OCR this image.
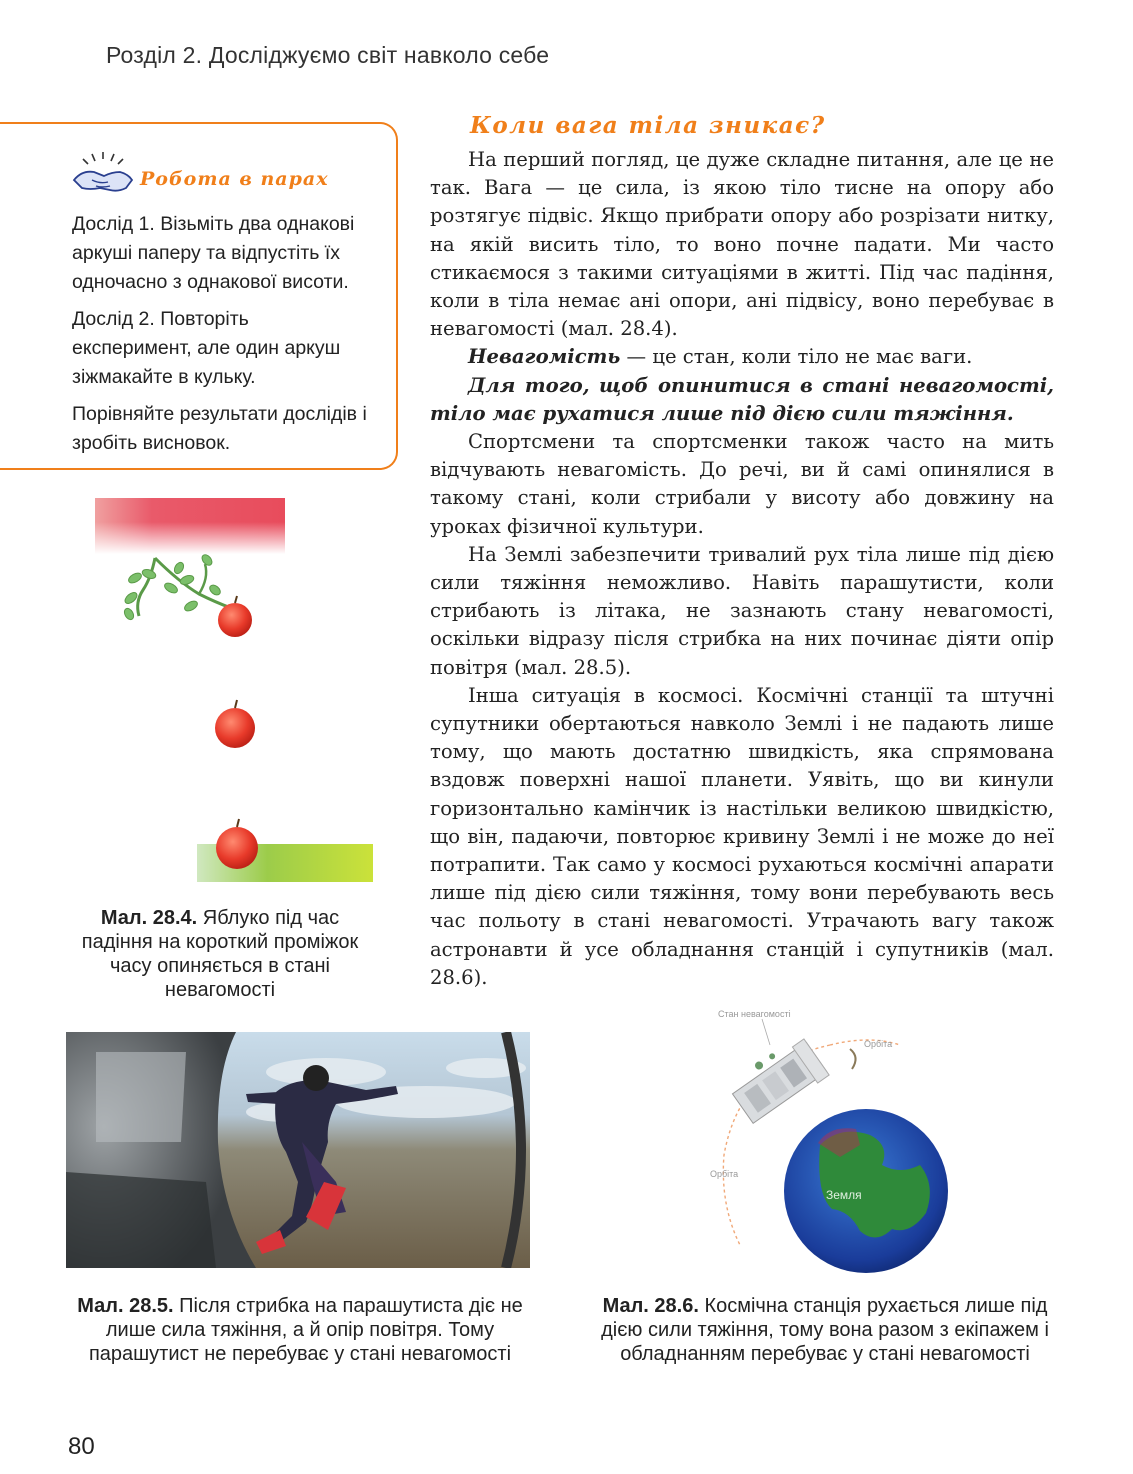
Розділ 2. Досліджуємо світ навколо себе
Робота в парах

Дослід 1. Візьміть два однакові аркуші паперу та відпустіть їх одночасно з однакової висоти.

Дослід 2. Повторіть експеримент, але один аркуш зіжмакайте в кульку.

Порівняйте результати дослідів і зробіть висновок.

Коли вага тіла зникає?

На перший погляд, це дуже складне питання, але це не так. Вага — це сила, із якою тіло тисне на опору або розтягує підвіс. Якщо прибрати опору або розрізати нитку, на якій висить тіло, то воно почне падати. Ми часто стикаємося з такими ситуаціями в житті. Під час падіння, коли в тіла немає ані опори, ані підвісу, воно перебуває в невагомості (мал. 28.4).

Невагомість — це стан, коли тіло не має ваги.

Для того, щоб опинитися в стані невагомості, тіло має рухатися лише під дією сили тяжіння.

Спортсмени та спортсменки також часто на мить відчувають невагомість. До речі, ви й самі опинялися в такому стані, коли стрибали у висоту або довжину на уроках фізичної культури.

На Землі забезпечити тривалий рух тіла лише під дією сили тяжіння неможливо. Навіть парашутисти, коли стрибають із літака, не зазнають стану невагомості, оскільки відразу після стрибка на них починає діяти опір повітря (мал. 28.5).

Інша ситуація в космосі. Космічні станції та штучні супутники обертаються навколо Землі і не падають лише тому, що мають достатню швидкість, яка спрямована вздовж поверхні нашої планети. Уявіть, що ви кинули горизонтально камінчик із настільки великою швидкістю, що він, падаючи, повторює кривину Землі і не може до неї потрапити. Так само у космосі рухаються космічні апарати лише під дією сили тяжіння, тому вони перебувають весь час польоту в стані невагомості. Утрачають вагу також астронавти й усе обладнання станцій і супутників (мал. 28.6).

Мал. 28.4. Яблуко під час падіння на короткий проміжок часу опиняється в стані невагомості
Мал. 28.5. Після стрибка на парашутиста діє не лише сила тяжіння, а й опір повітря. Тому парашутист не перебуває у стані невагомості
Стан невагомості
Орбіта
Орбіта
Земля
Мал. 28.6. Космічна станція рухається лише під дією сили тяжіння, тому вона разом з екіпажем і обладнанням перебуває у стані невагомості
80
